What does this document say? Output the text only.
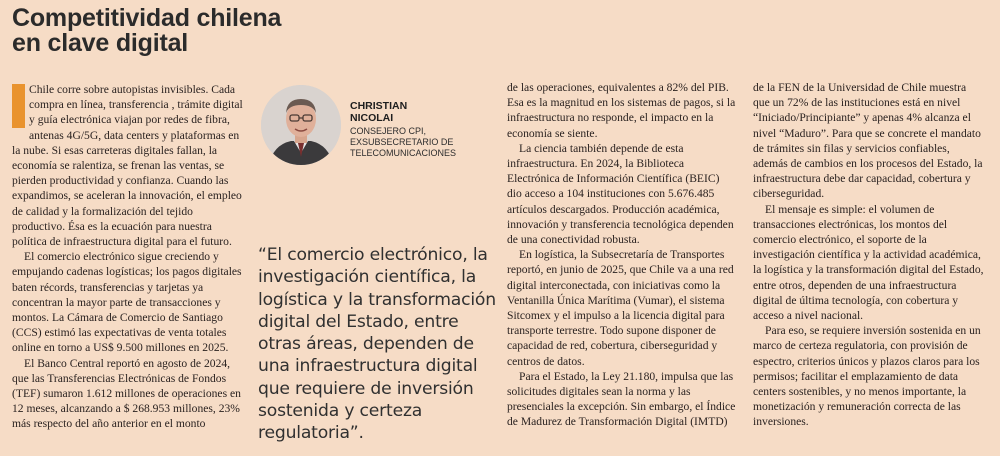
Competitividad chilena
en clave digital

Chile corre sobre autopistas invisibles. Cada compra en línea, transferencia , trámite digital y guía electrónica viajan por redes de fibra, antenas 4G/5G, data centers y plataformas en la nube. Si esas carreteras digitales fallan, la economía se ralentiza, se frenan las ventas, se pierden productividad y confianza. Cuando las expandimos, se aceleran la innovación, el empleo de calidad y la formalización del tejido productivo. Ésa es la ecuación para nuestra política de infraestructura digital para el futuro.

El comercio electrónico sigue creciendo y empujando cadenas logísticas; los pagos digitales baten récords, transferencias y tarjetas ya concentran la mayor parte de transacciones y montos. La Cámara de Comercio de Santiago (CCS) estimó las expectativas de venta totales online en torno a US$ 9.500 millones en 2025.

El Banco Central reportó en agosto de 2024, que las Transferencias Electrónicas de Fondos (TEF) sumaron 1.612 millones de operaciones en 12 meses, alcanzando a $ 268.953 millones, 23% más respecto del año anterior en el monto

CHRISTIAN
NICOLAI
CONSEJERO CPI,
EXSUBSECRETARIO DE
TELECOMUNICACIONES
“El comercio electrónico, la
investigación científica, la
logística y la transformación
digital del Estado, entre
otras áreas, dependen de
una infraestructura digital
que requiere de inversión
sostenida y certeza
regulatoria”.

de las operaciones, equivalentes a 82% del PIB. Esa es la magnitud en los sistemas de pagos, si la infraestructura no responde, el impacto en la economía se siente.

La ciencia también depende de esta infraestructura. En 2024, la Biblioteca Electrónica de Información Científica (BEIC) dio acceso a 104 instituciones con 5.676.485 artículos descargados. Producción académica, innovación y transferencia tecnológica dependen de una conectividad robusta.

En logística, la Subsecretaría de Transportes reportó, en junio de 2025, que Chile va a una red digital interconectada, con iniciativas como la Ventanilla Única Marítima (Vumar), el sistema Sitcomex y el impulso a la licencia digital para transporte terrestre. Todo supone disponer de capacidad de red, cobertura, ciberseguridad y centros de datos.

Para el Estado, la Ley 21.180, impulsa que las solicitudes digitales sean la norma y las presenciales la excepción. Sin embargo, el Índice de Madurez de Transformación Digital (IMTD)

de la FEN de la Universidad de Chile muestra que un 72% de las instituciones está en nivel “Iniciado/Principiante” y apenas 4% alcanza el nivel “Maduro”. Para que se concrete el mandato de trámites sin filas y servicios confiables, además de cambios en los procesos del Estado, la infraestructura debe dar capacidad, cobertura y ciberseguridad.

El mensaje es simple: el volumen de transacciones electrónicas, los montos del comercio electrónico, el soporte de la investigación científica y la actividad académica, la logística y la transformación digital del Estado, entre otros, dependen de una infraestructura digital de última tecnología, con cobertura y acceso a nivel nacional.

Para eso, se requiere inversión sostenida en un marco de certeza regulatoria, con provisión de espectro, criterios únicos y plazos claros para los permisos; facilitar el emplazamiento de data centers sostenibles, y no menos importante, la monetización y remuneración correcta de las inversiones.
